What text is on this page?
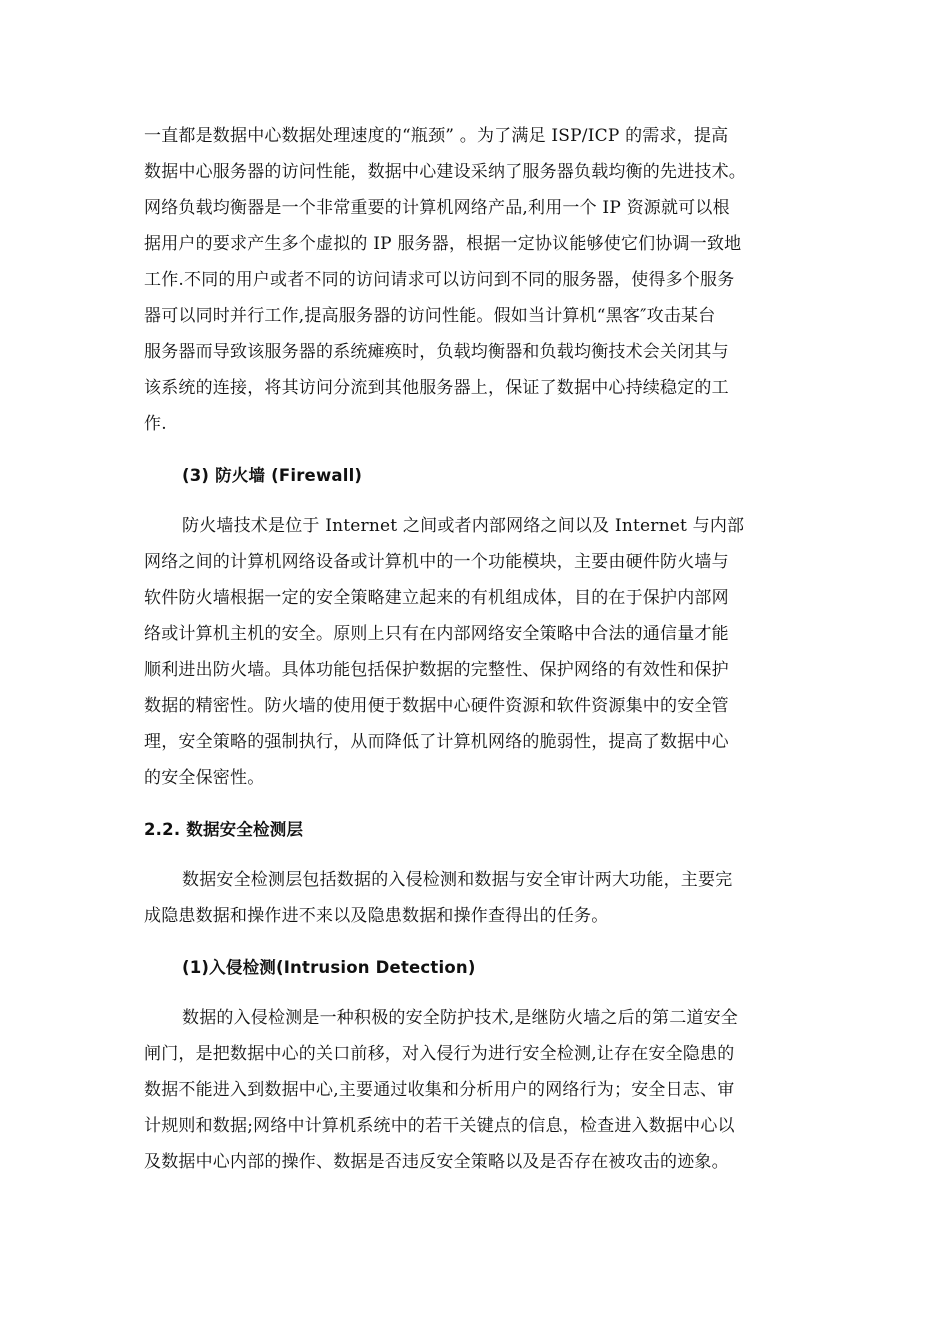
一直都是数据中心数据处理速度的“瓶颈” 。为了满足 ISP/ICP 的需求，提高
数据中心服务器的访问性能，数据中心建设采纳了服务器负载均衡的先进技术。
网络负载均衡器是一个非常重要的计算机网络产品,利用一个 IP 资源就可以根
据用户的要求产生多个虚拟的 IP 服务器，根据一定协议能够使它们协调一致地
工作.不同的用户或者不同的访问请求可以访问到不同的服务器，使得多个服务
器可以同时并行工作,提高服务器的访问性能。假如当计算机“黑客″攻击某台
服务器而导致该服务器的系统瘫痪时，负载均衡器和负载均衡技术会关闭其与
该系统的连接，将其访问分流到其他服务器上，保证了数据中心持续稳定的工
作.
(3) 防火墙 (Firewall)
防火墙技术是位于 Internet 之间或者内部网络之间以及 Internet 与内部
网络之间的计算机网络设备或计算机中的一个功能模块，主要由硬件防火墙与
软件防火墙根据一定的安全策略建立起来的有机组成体，目的在于保护内部网
络或计算机主机的安全。原则上只有在内部网络安全策略中合法的通信量才能
顺利进出防火墙。具体功能包括保护数据的完整性、保护网络的有效性和保护
数据的精密性。防火墙的使用便于数据中心硬件资源和软件资源集中的安全管
理，安全策略的强制执行，从而降低了计算机网络的脆弱性，提高了数据中心
的安全保密性。
2.2. 数据安全检测层
数据安全检测层包括数据的入侵检测和数据与安全审计两大功能，主要完
成隐患数据和操作进不来以及隐患数据和操作查得出的任务。
(1)入侵检测(Intrusion Detection)
数据的入侵检测是一种积极的安全防护技术,是继防火墙之后的第二道安全
闸门，是把数据中心的关口前移，对入侵行为进行安全检测,让存在安全隐患的
数据不能进入到数据中心,主要通过收集和分析用户的网络行为；安全日志、审
计规则和数据;网络中计算机系统中的若干关键点的信息，检查进入数据中心以
及数据中心内部的操作、数据是否违反安全策略以及是否存在被攻击的迹象。
